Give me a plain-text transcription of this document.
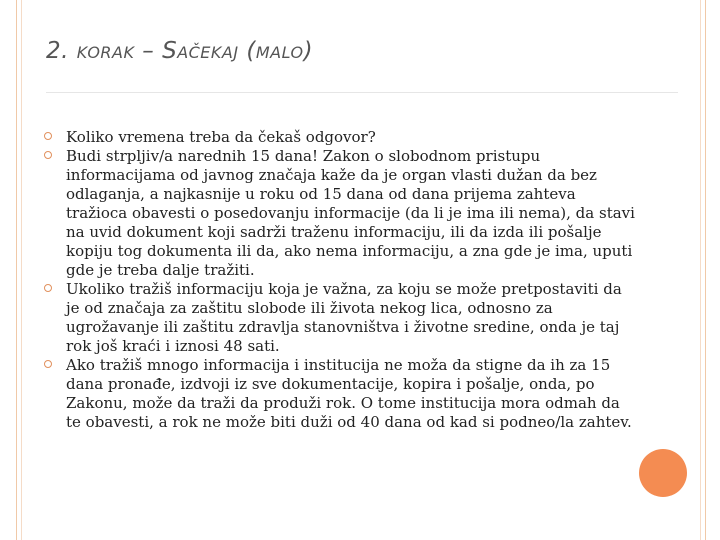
2. korak – Sačekaj (malo)
Koliko vremena treba da čekaš odgovor?
Budi strpljiv/a narednih 15 dana! Zakon o slobodnom pristupu informacijama od javnog značaja kaže da je organ vlasti dužan da bez odlaganja, a najkasnije u roku od 15 dana od dana prijema zahteva tražioca obavesti o posedovanju informacije (da li je ima ili nema), da stavi na uvid dokument koji sadrži traženu informaciju, ili da izda ili pošalje kopiju tog dokumenta ili da, ako nema informaciju, a zna gde je ima, uputi gde je treba dalje tražiti.
Ukoliko tražiš informaciju koja je važna, za koju se može pretpostaviti da je od značaja za zaštitu slobode ili života nekog lica, odnosno za ugrožavanje ili zaštitu zdravlja stanovništva i životne sredine, onda je taj rok još kraći i iznosi 48 sati.
Ako tražiš mnogo informacija i institucija ne moža da stigne da ih za 15 dana pronađe, izdvoji iz sve dokumentacije, kopira i pošalje, onda, po Zakonu, može da traži da produži rok. O tome institucija mora odmah da te obavesti, a rok ne može biti duži od 40 dana od kad si podneo/la zahtev.
